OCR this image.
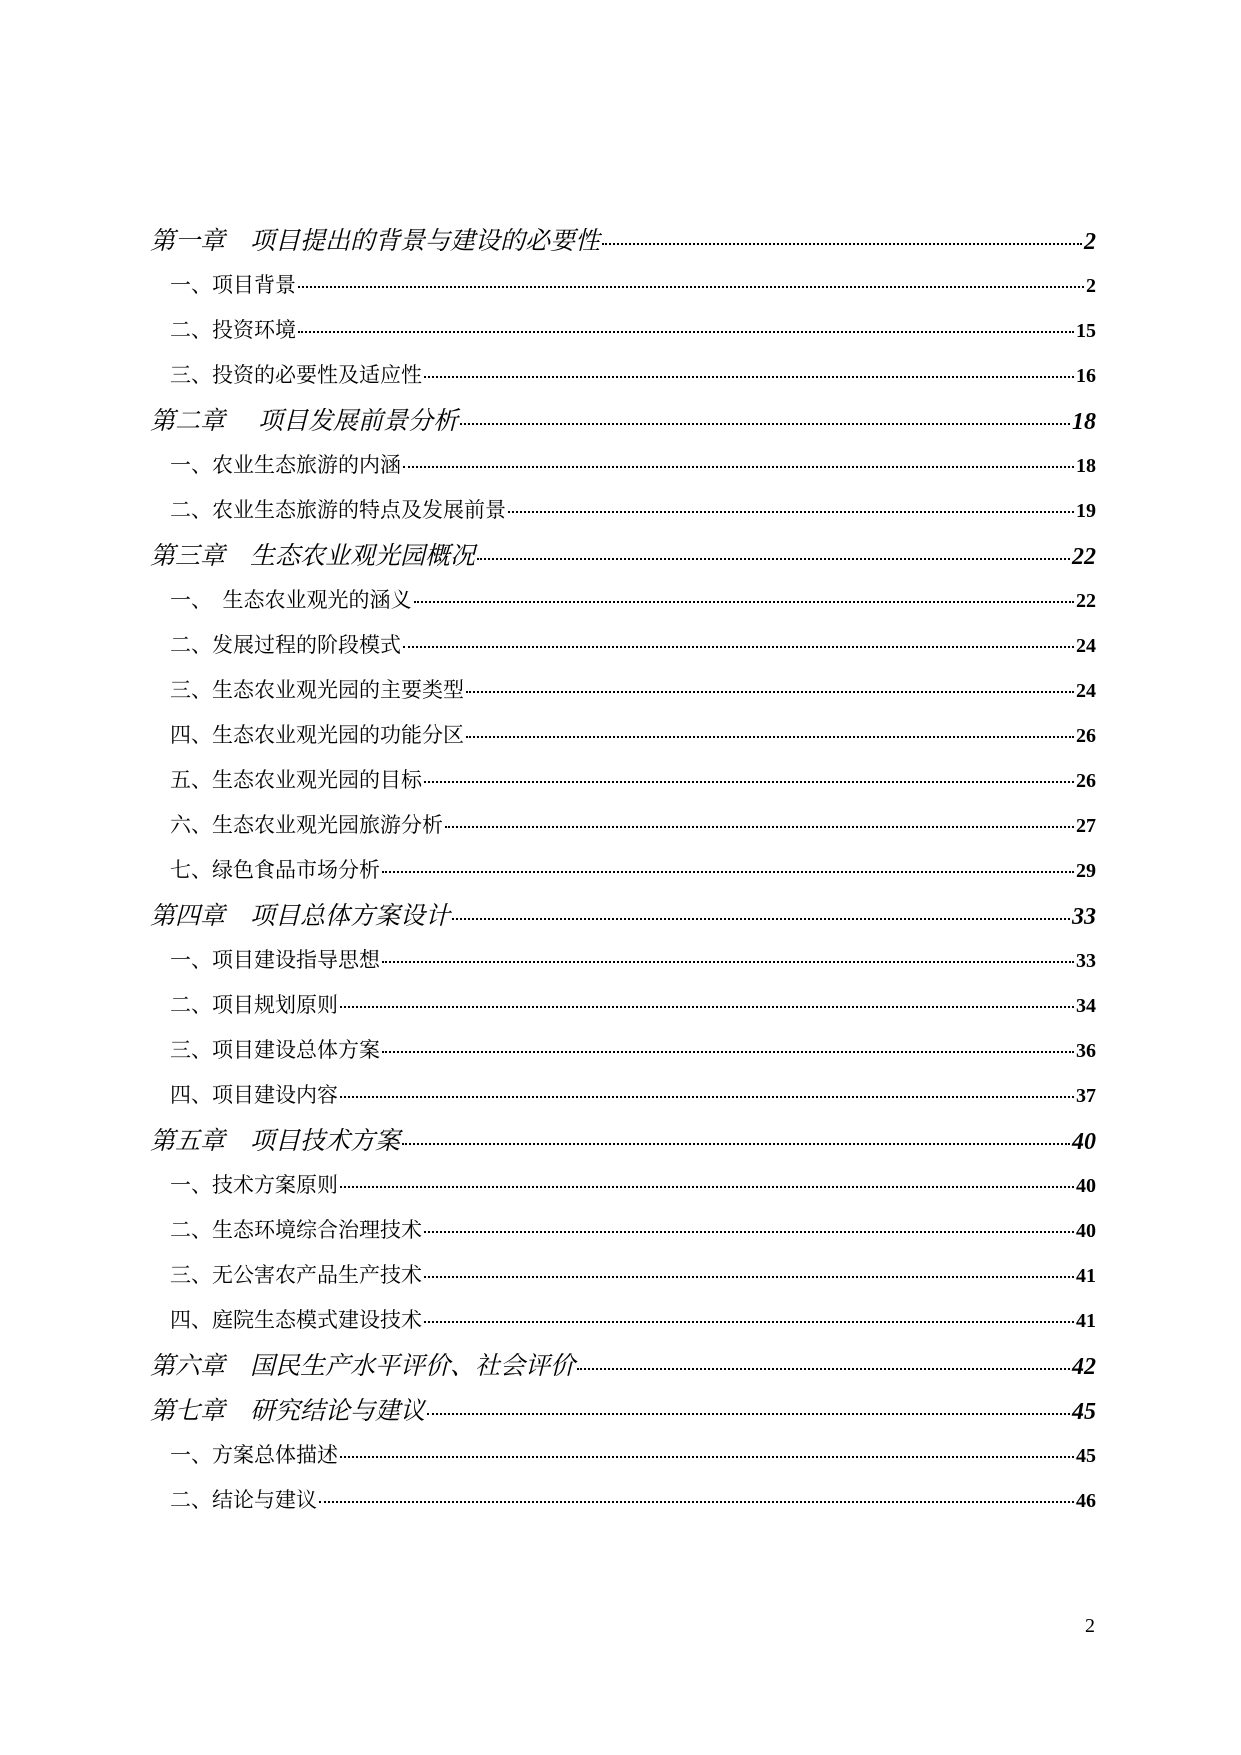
第一章　项目提出的背景与建设的必要性	2
一、项目背景	2
二、投资环境	15
三、投资的必要性及适应性	16
第二章　 项目发展前景分析	18
一、农业生态旅游的内涵	18
二、农业生态旅游的特点及发展前景	19
第三章　生态农业观光园概况	22
一、　生态农业观光的涵义	22
二、发展过程的阶段模式	24
三、生态农业观光园的主要类型	24
四、生态农业观光园的功能分区	26
五、生态农业观光园的目标	26
六、生态农业观光园旅游分析	27
七、绿色食品市场分析	29
第四章　项目总体方案设计	33
一、项目建设指导思想	33
二、项目规划原则	34
三、项目建设总体方案	36
四、项目建设内容	37
第五章　项目技术方案	40
一、技术方案原则	40
二、生态环境综合治理技术	40
三、无公害农产品生产技术	41
四、庭院生态模式建设技术	41
第六章　国民生产水平评价、社会评价	42
第七章　研究结论与建议	45
一、方案总体描述	45
二、结论与建议	46
2
